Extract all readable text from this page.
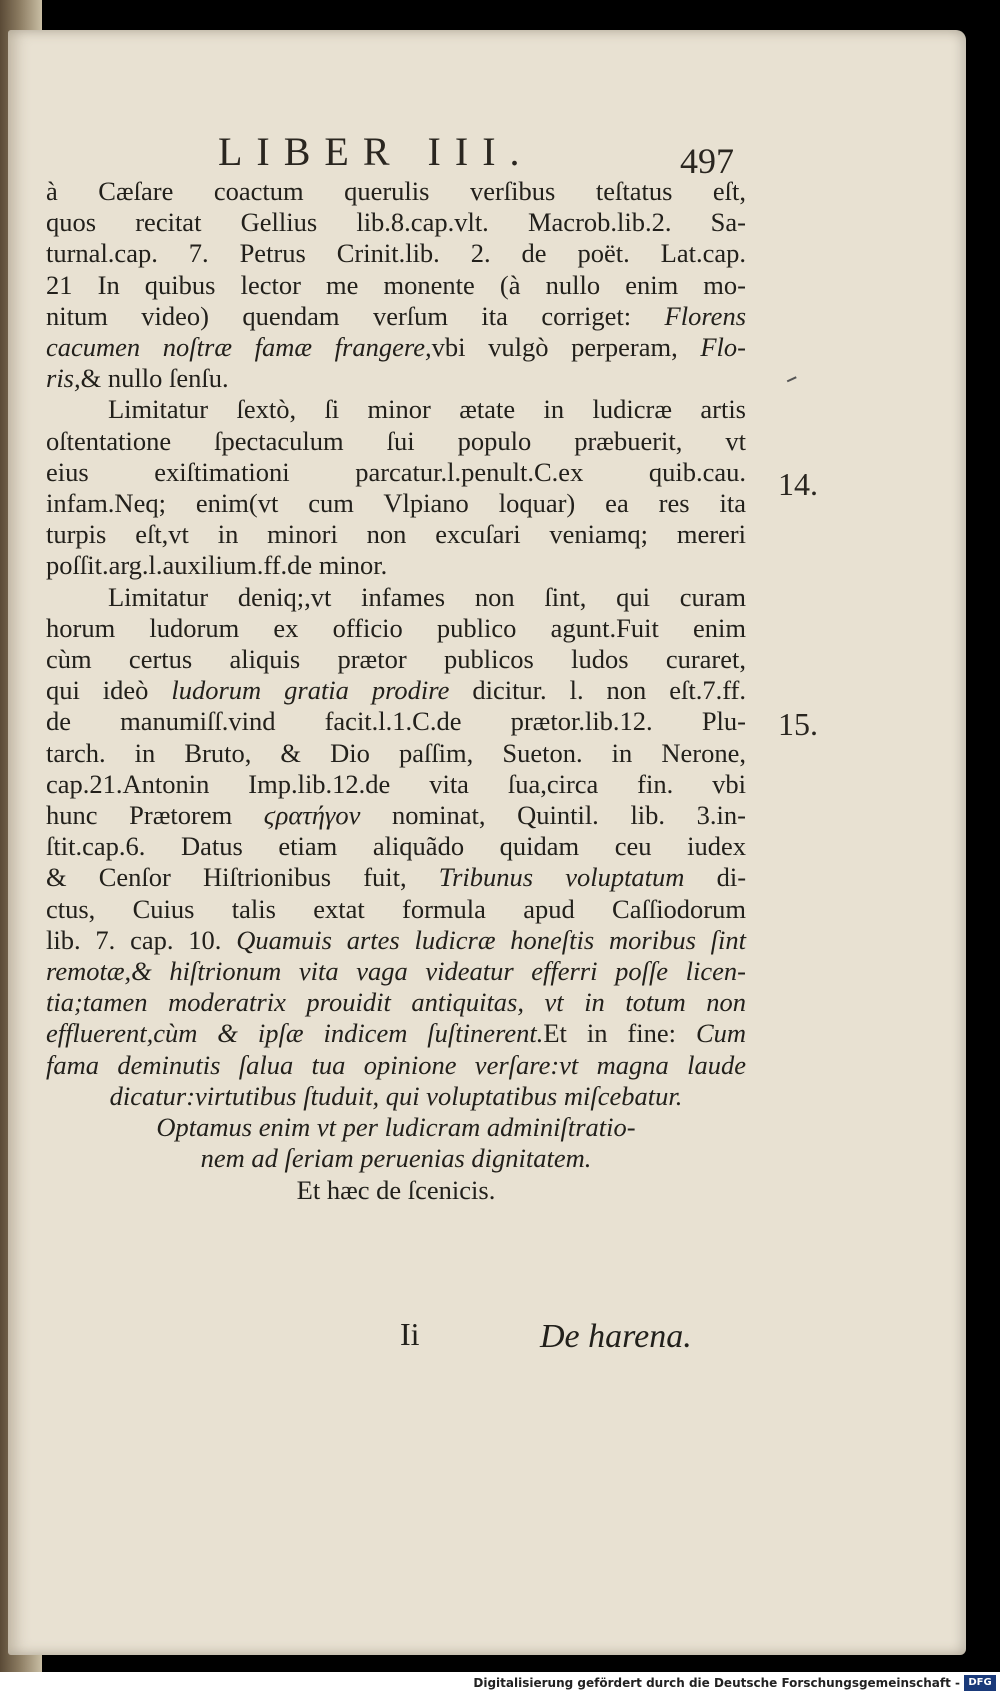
LIBER III.	497

à Cæſare coactum querulis verſibus teſtatus eſt,
quos recitat Gellius lib.8.cap.vlt. Macrob.lib.2. Sa-
turnal.cap. 7. Petrus Crinit.lib. 2. de poët. Lat.cap.
21 In quibus lector me monente (à nullo enim mo-
nitum video) quendam verſum ita corriget: Florens
cacumen noſtræ famæ frangere,vbi vulgò perperam, Flo-
ris,& nullo ſenſu.

Limitatur ſextò, ſi minor ætate in ludicræ artis
oſtentatione ſpectaculum ſui populo præbuerit, vt
eius exiſtimationi parcatur.l.penult.C.ex quib.cau.
infam.Neq; enim(vt cum Vlpiano loquar) ea res ita
turpis eſt,vt in minori non excuſari veniamq; mereri
poſſit.arg.l.auxilium.ff.de minor.

Limitatur deniq;,vt infames non ſint, qui curam
horum ludorum ex officio publico agunt.Fuit enim
cùm certus aliquis prætor publicos ludos curaret,
qui ideò ludorum gratia prodire dicitur. l. non eſt.7.ff.
de manumiſſ.vind facit.l.1.C.de prætor.lib.12. Plu-
tarch. in Bruto, & Dio paſſim, Sueton. in Nerone,
cap.21.Antonin Imp.lib.12.de vita ſua,circa fin. vbi
hunc Prætorem ϛρατήγον nominat, Quintil. lib. 3.in-
ſtit.cap.6. Datus etiam aliquãdo quidam ceu iudex
& Cenſor Hiſtrionibus fuit, Tribunus voluptatum di-
ctus, Cuius talis extat formula apud Caſſiodorum
lib. 7. cap. 10. Quamuis artes ludicræ honeſtis moribus ſint
remotæ,& hiſtrionum vita vaga videatur efferri poſſe licen-
tia;tamen moderatrix prouidit antiquitas, vt in totum non
effluerent,cùm & ipſæ indicem ſuſtinerent.Et in fine: Cum
fama deminutis ſalua tua opinione verſare:vt magna laude
dicatur:virtutibus ſtuduit, qui voluptatibus miſcebatur.
Optamus enim vt per ludicram adminiſtratio-
nem ad ſeriam peruenias dignitatem.
Et hæc de ſcenicis.

14.
15.
Ii	De harena.
Digitalisierung gefördert durch die Deutsche Forschungsgemeinschaft - DFG
